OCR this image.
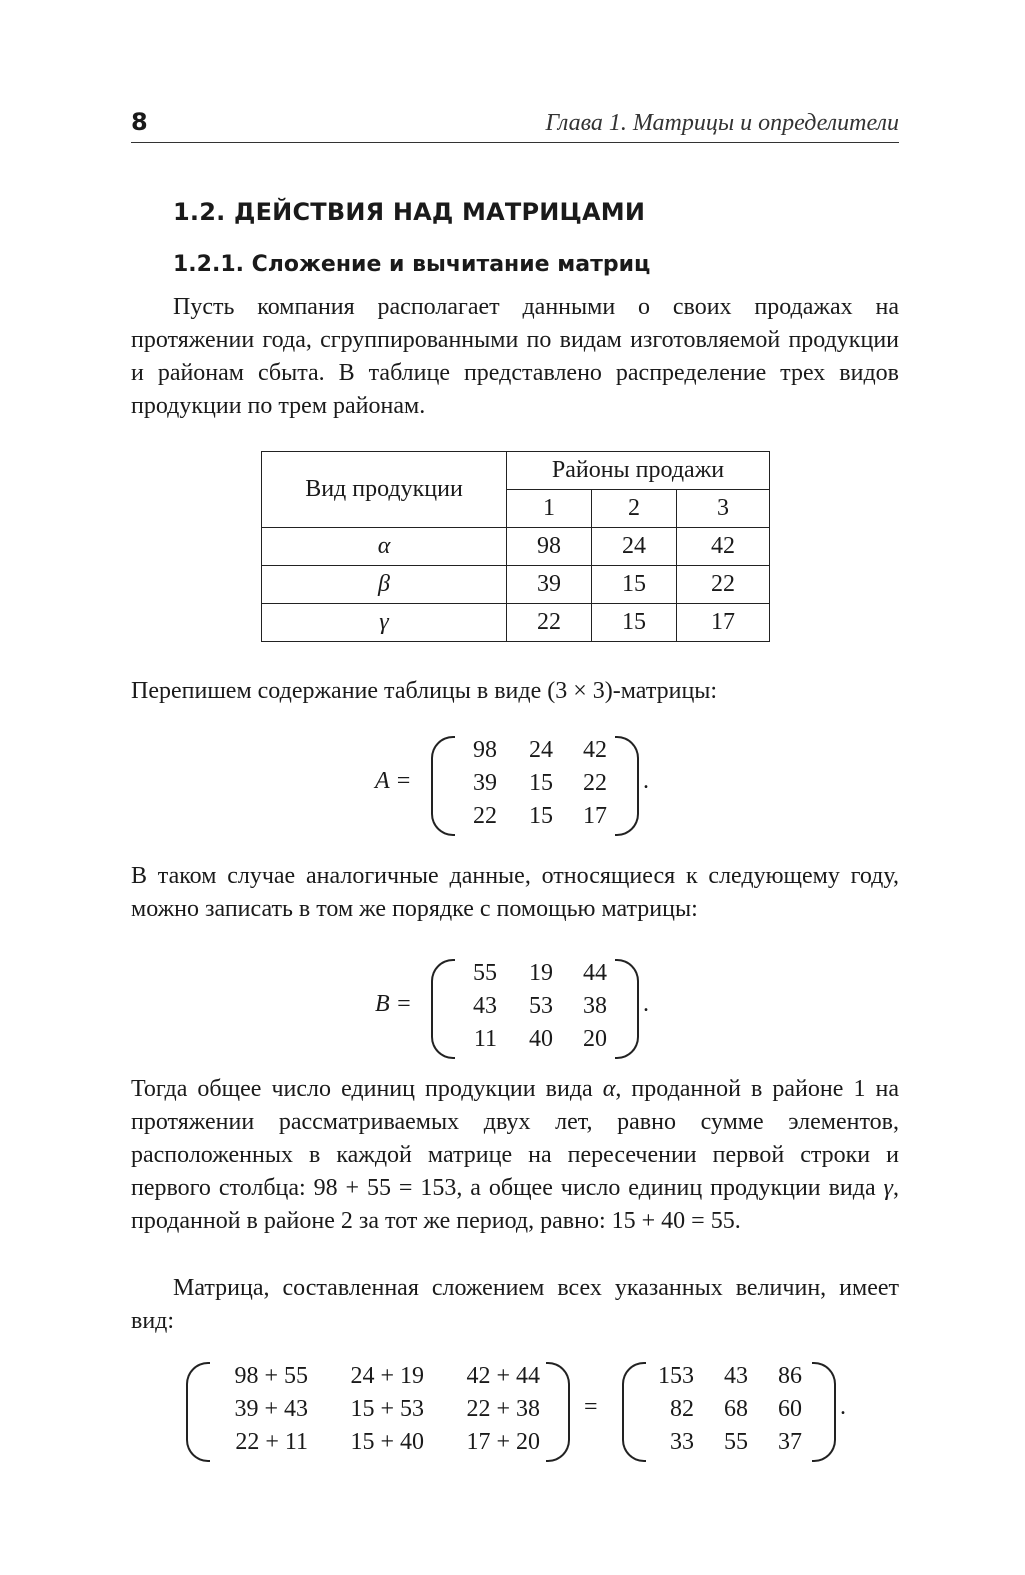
8	Глава 1. Матрицы и определители
1.2. ДЕЙСТВИЯ НАД МАТРИЦАМИ
1.2.1. Сложение и вычитание матриц

Пусть компания располагает данными о своих продажах на протяжении года, сгруппированными по видам изготовляемой продукции и районам сбыта. В таблице представлено распределение трех видов продукции по трем районам.

Вид продукции	Районы продажи		
	1	2	3
α	98	24	42
β	39	15	22
γ	22	15	17

Перепишем содержание таблицы в виде (3 × 3)-матрицы:

A =
98	24	42
39	15	22
22	15	17
.

В таком случае аналогичные данные, относящиеся к следующему году, можно записать в том же порядке с помощью матрицы:

B =
55	19	44
43	53	38
11	40	20
.

Тогда общее число единиц продукции вида α, проданной в районе 1 на протяжении рассматриваемых двух лет, равно сумме элементов, расположенных в каждой матрице на пересечении первой строки и первого столбца: 98 + 55 = 153, а общее число единиц продукции вида γ, проданной в районе 2 за тот же период, равно: 15 + 40 = 55.

Матрица, составленная сложением всех указанных величин, имеет вид:

98 + 55	24 + 19	42 + 44
39 + 43	15 + 53	22 + 38
22 + 11	15 + 40	17 + 20
=
153	43	86
82	68	60
33	55	37
.
